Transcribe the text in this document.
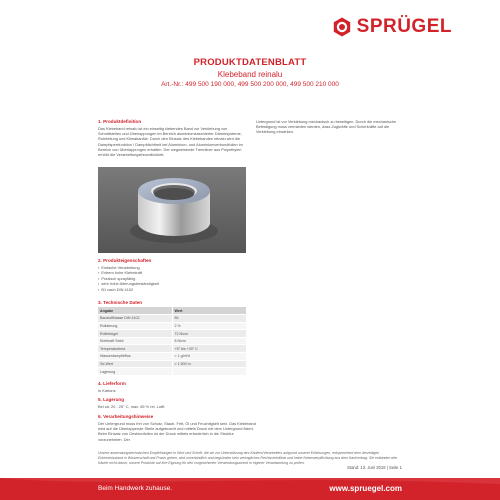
SPRÜGEL
PRODUKTDATENBLATT
Klebeband reinalu
Art.-Nr.: 499 500 190 000, 499 500 200 000, 499 500 210 000
1. Produktdefinition
Das Klebeband reinalu ist ein einseitig klebendes Band zur Verklebung von Schnittstellen und Überlappungen im Bereich aluminiumkaschierter Dämmsysteme, Rohrleitung und Klimakanäle. Durch den Einsatz des Klebebandes reinalu wird die Dampfsperrfunktion / Dampfdichtheit bei Aluminium- und Aluminiumverbundfolien im Bereich von Überlappungen erhalten. Der wegweisende Trennliner aus Polyethylen erhöht die Verarbeitungsfreundlichkeit.
Untergrund ist vor Verklebung mechanisch zu beseitigen. Durch die mechanische Befestigung muss vermieden werden, dass Zugkräfte und Scherkräfte auf die Verklebung einwirken.
2. Produkteigenschaften
▪ Einfache Verarbeitung
▪ Extrem hohe Klebekraft
▪ Praxisch sprayfähig
▪ sehr hohe Alterungsbeständigkeit
▪ B1 nach DIN 4102
3. Technische Daten
Angabe	Wert
Baustoffklasse DIN 4102	B1
Rollabrung	2 %
Rolltebügel	72 N/cm
Klebkraft Stahl	8 N/cm
Temperaturbest.	+5° bis +30° C
Wasserdampfdiffus.	< 1 g/m²d
Sd-Wert	> 1.500 m
Lagerung	
4. Lieferform
in Kartons
5. Lagerung
Bei ca. 20 - 25° C, max. 65 % rel. Luftf.
6. Verarbeitungshinweise
Der Untergrund muss frei von Schutz, Staub, Fett, Öl und Feuchtigkeit sein. Das Klebeband wird auf die Überlappende Stelle aufgebracht und mittels Druck mit dem Untergrund fixiert. Beim Einsatz von Gesbionfolien ist der Druck mittels erforderlich in die Struktur vorzunehmen. Der
Unsere anwendungstechnischen Empfehlungen in Wort und Schrift, die wir zur Unterstützung des Käufers/Verarbeiters aufgrund unserer Erfahrungen, entsprechend dem derzeitigen Erkenntnisstand in Wissenschaft und Praxis geben, sind unverbindlich und begründen kein vertragliches Rechtsverhältnis und keine Nebenverpflichtung aus dem Kaufvertrag. Sie entbinden den Käufer nicht davon, unsere Produkte auf ihre Eignung für den vorgesehenen Verwendungszweck in eigener Verantwortung zu prüfen.
Stand: 13. Juni 2018 | Seite 1
Beim Handwerk zuhause.	www.spruegel.com
